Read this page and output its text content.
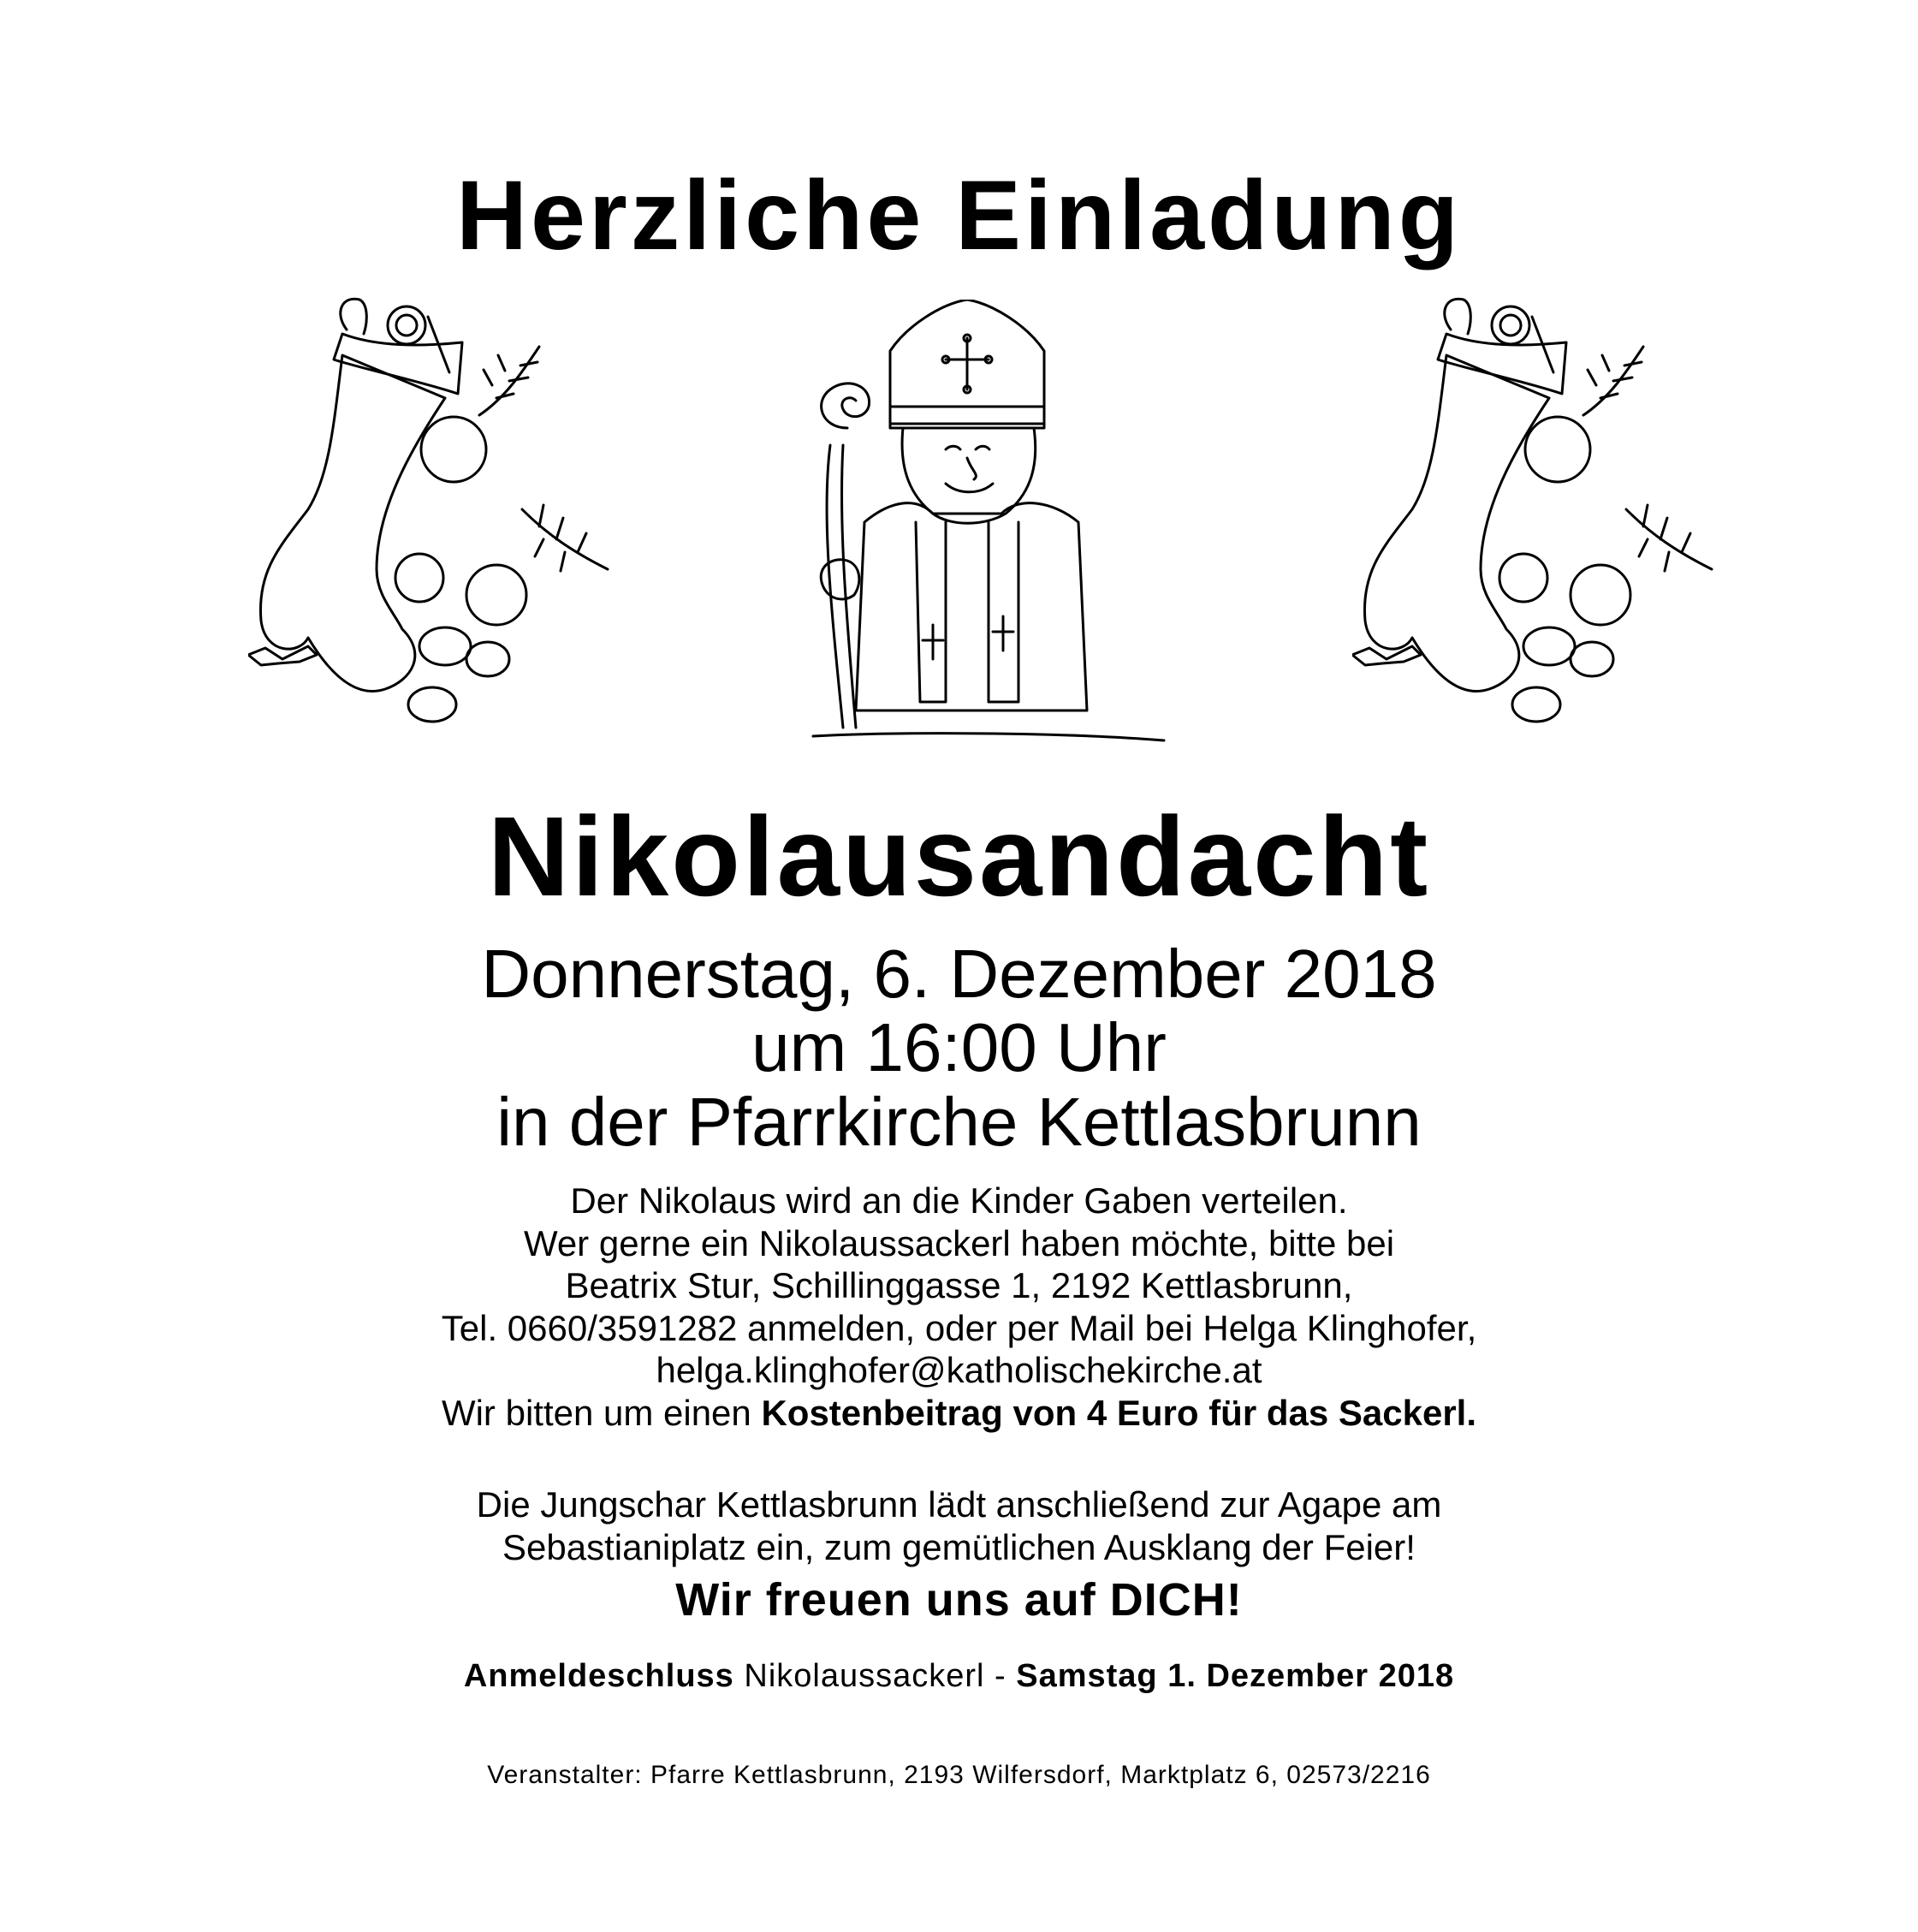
Herzliche Einladung
Nikolausandacht
Donnerstag, 6. Dezember 2018
um 16:00 Uhr
in der Pfarrkirche Kettlasbrunn
Der Nikolaus wird an die Kinder Gaben verteilen.
Wer gerne ein Nikolaussackerl haben möchte, bitte bei
Beatrix Stur, Schillinggasse 1, 2192 Kettlasbrunn,
Tel. 0660/3591282 anmelden, oder per Mail bei Helga Klinghofer,
helga.klinghofer@katholischekirche.at
Wir bitten um einen Kostenbeitrag von 4 Euro für das Sackerl.
Die Jungschar Kettlasbrunn lädt anschließend zur Agape am
Sebastianiplatz ein, zum gemütlichen Ausklang der Feier!
Wir freuen uns auf DICH!
Anmeldeschluss Nikolaussackerl - Samstag 1. Dezember 2018
Veranstalter: Pfarre Kettlasbrunn, 2193 Wilfersdorf, Marktplatz 6, 02573/2216
